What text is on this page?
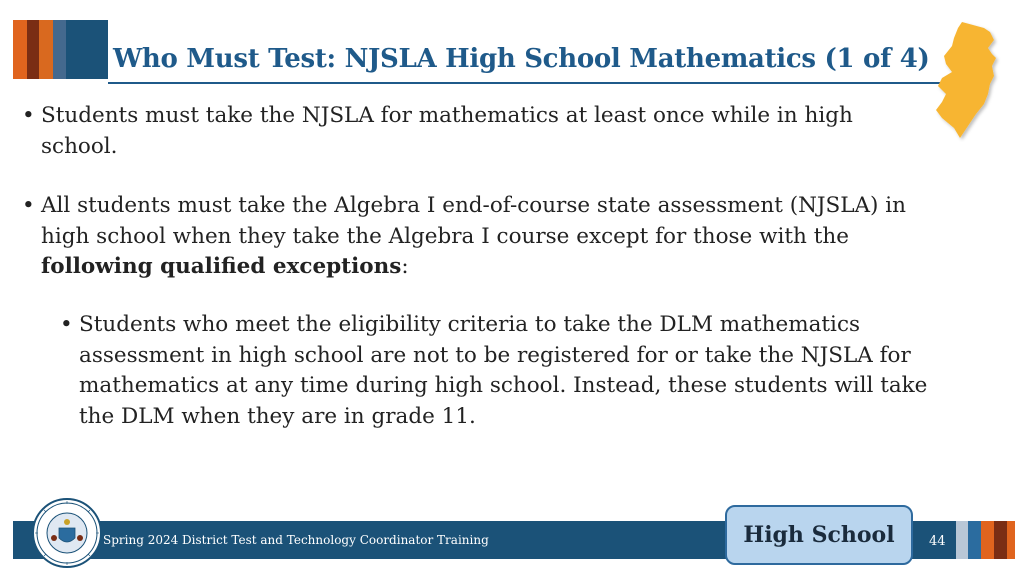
Who Must Test: NJSLA High School Mathematics (1 of 4)
• Students must take the NJSLA for mathematics at least once while in high school.
• All students must take the Algebra I end-of-course state assessment (NJSLA) in high school when they take the Algebra I course except for those with the following qualified exceptions:
• Students who meet the eligibility criteria to take the DLM mathematics assessment in high school are not to be registered for or take the NJSLA for mathematics at any time during high school. Instead, these students will take the DLM when they are in grade 11.
Spring 2024 District Test and Technology Coordinator Training	44
High School
